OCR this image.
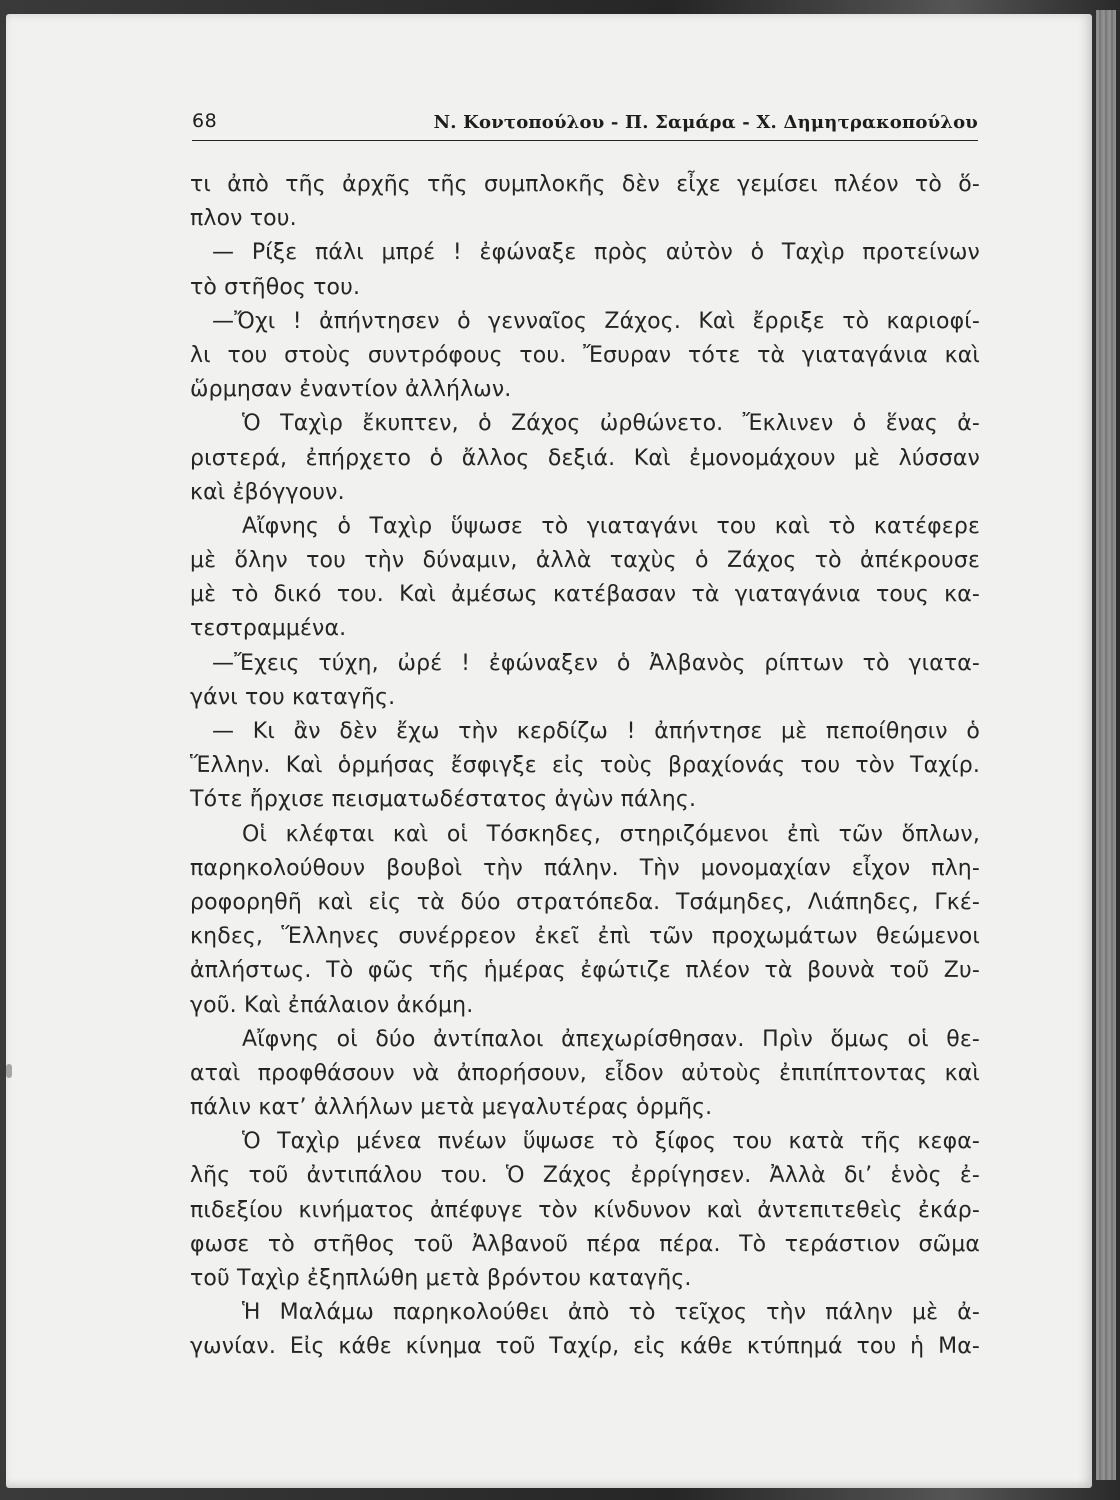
68	Ν. Κοντοπούλου - Π. Σαμάρα - Χ. Δημητρακοπούλου
τι ἀπὸ τῆς ἀρχῆς τῆς συμπλοκῆς δὲν εἶχε γεμίσει πλέον τὸ ὅ-
πλον του.
— Ρίξε πάλι μπρέ ! ἐφώναξε πρὸς αὐτὸν ὁ Ταχὶρ προτείνων
τὸ στῆθος του.
—Ὄχι ! ἀπήντησεν ὁ γενναῖος Ζάχος. Καὶ ἔρριξε τὸ καριοφί-
λι του στοὺς συντρόφους του. Ἔσυραν τότε τὰ γιαταγάνια καὶ
ὥρμησαν ἐναντίον ἀλλήλων.
Ὁ Ταχὶρ ἔκυπτεν, ὁ Ζάχος ὠρθώνετο. Ἔκλινεν ὁ ἕνας ἀ-
ριστερά, ἐπήρχετο ὁ ἄλλος δεξιά. Καὶ ἐμονομάχουν μὲ λύσσαν
καὶ ἐβόγγουν.
Αἴφνης ὁ Ταχὶρ ὕψωσε τὸ γιαταγάνι του καὶ τὸ κατέφερε
μὲ ὅλην του τὴν δύναμιν, ἀλλὰ ταχὺς ὁ Ζάχος τὸ ἀπέκρουσε
μὲ τὸ δικό του. Καὶ ἀμέσως κατέβασαν τὰ γιαταγάνια τους κα-
τεστραμμένα.
—Ἔχεις τύχη, ὠρέ ! ἐφώναξεν ὁ Ἀλβανὸς ρίπτων τὸ γιατα-
γάνι του καταγῆς.
— Κι ἂν δὲν ἔχω τὴν κερδίζω ! ἀπήντησε μὲ πεποίθησιν ὁ
Ἕλλην. Καὶ ὁρμήσας ἔσφιγξε εἰς τοὺς βραχίονάς του τὸν Ταχίρ.
Τότε ἤρχισε πεισματωδέστατος ἀγὼν πάλης.
Οἱ κλέφται καὶ οἱ Τόσκηδες, στηριζόμενοι ἐπὶ τῶν ὅπλων,
παρηκολούθουν βουβοὶ τὴν πάλην. Τὴν μονομαχίαν εἶχον πλη-
ροφορηθῆ καὶ εἰς τὰ δύο στρατόπεδα. Τσάμηδες, Λιάπηδες, Γκέ-
κηδες, Ἕλληνες συνέρρεον ἐκεῖ ἐπὶ τῶν προχωμάτων θεώμενοι
ἀπλήστως. Τὸ φῶς τῆς ἡμέρας ἐφώτιζε πλέον τὰ βουνὰ τοῦ Ζυ-
γοῦ. Καὶ ἐπάλαιον ἀκόμη.
Αἴφνης οἱ δύο ἀντίπαλοι ἀπεχωρίσθησαν. Πρὶν ὅμως οἱ θε-
αταὶ προφθάσουν νὰ ἀπορήσουν, εἶδον αὐτοὺς ἐπιπίπτοντας καὶ
πάλιν κατ’ ἀλλήλων μετὰ μεγαλυτέρας ὁρμῆς.
Ὁ Ταχὶρ μένεα πνέων ὕψωσε τὸ ξίφος του κατὰ τῆς κεφα-
λῆς τοῦ ἀντιπάλου του. Ὁ Ζάχος ἐρρίγησεν. Ἀλλὰ δι’ ἑνὸς ἐ-
πιδεξίου κινήματος ἀπέφυγε τὸν κίνδυνον καὶ ἀντεπιτεθεὶς ἐκάρ-
φωσε τὸ στῆθος τοῦ Ἀλβανοῦ πέρα πέρα. Τὸ τεράστιον σῶμα
τοῦ Ταχὶρ ἐξηπλώθη μετὰ βρόντου καταγῆς.
Ἡ Μαλάμω παρηκολούθει ἀπὸ τὸ τεῖχος τὴν πάλην μὲ ἀ-
γωνίαν. Εἰς κάθε κίνημα τοῦ Ταχίρ, εἰς κάθε κτύπημά του ἡ Μα-
